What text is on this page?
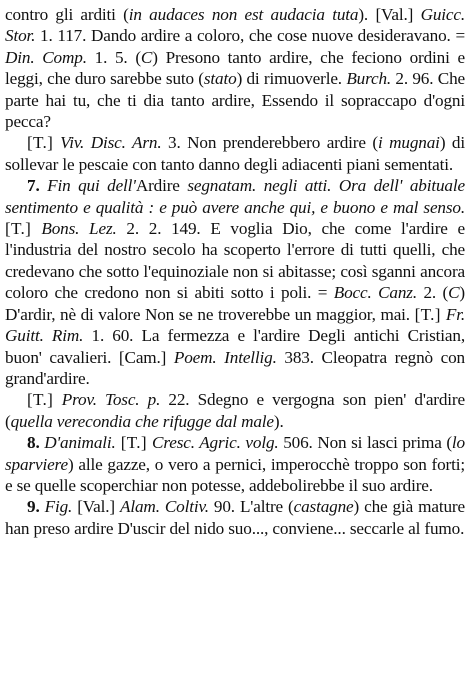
contro gli arditi (in audaces non est audacia tuta). [Val.] Guicc. Stor. 1. 117. Dando ardire a coloro, che cose nuove desideravano. = Din. Comp. 1. 5. (C) Presono tanto ardire, che feciono ordini e leggi, che duro sarebbe suto (stato) di rimuoverle. Burch. 2. 96. Che parte hai tu, che ti dia tanto ardire, Essendo il sopraccapo d'ogni pecca?

[T.] Viv. Disc. Arn. 3. Non prenderebbero ardire (i mugnai) di sollevar le pescaie con tanto danno degli adiacenti piani sementati.

7. Fin qui dell'Ardire segnatam. negli atti. Ora dell' abituale sentimento e qualità : e può avere anche qui, e buono e mal senso. [T.] Bons. Lez. 2. 2. 149. E voglia Dio, che come l'ardire e l'industria del nostro secolo ha scoperto l'errore di tutti quelli, che credevano che sotto l'equinoziale non si abitasse; così sganni ancora coloro che credono non si abiti sotto i poli. = Bocc. Canz. 2. (C) D'ardir, nè di valore Non se ne troverebbe un maggior, mai. [T.] Fr. Guitt. Rim. 1. 60. La fermezza e l'ardire Degli antichi Cristian, buon' cavalieri. [Cam.] Poem. Intellig. 383. Cleopatra regnò con grand'ardire.

[T.] Prov. Tosc. p. 22. Sdegno e vergogna son pien' d'ardire (quella verecondia che rifugge dal male).

8. D'animali. [T.] Cresc. Agric. volg. 506. Non si lasci prima (lo sparviere) alle gazze, o vero a pernici, imperocchè troppo son forti; e se quelle scoperchiar non potesse, addebolirebbe il suo ardire.

9. Fig. [Val.] Alam. Coltiv. 90. L'altre (castagne) che già mature han preso ardire D'uscir del nido suo..., conviene... seccarle al fumo.
